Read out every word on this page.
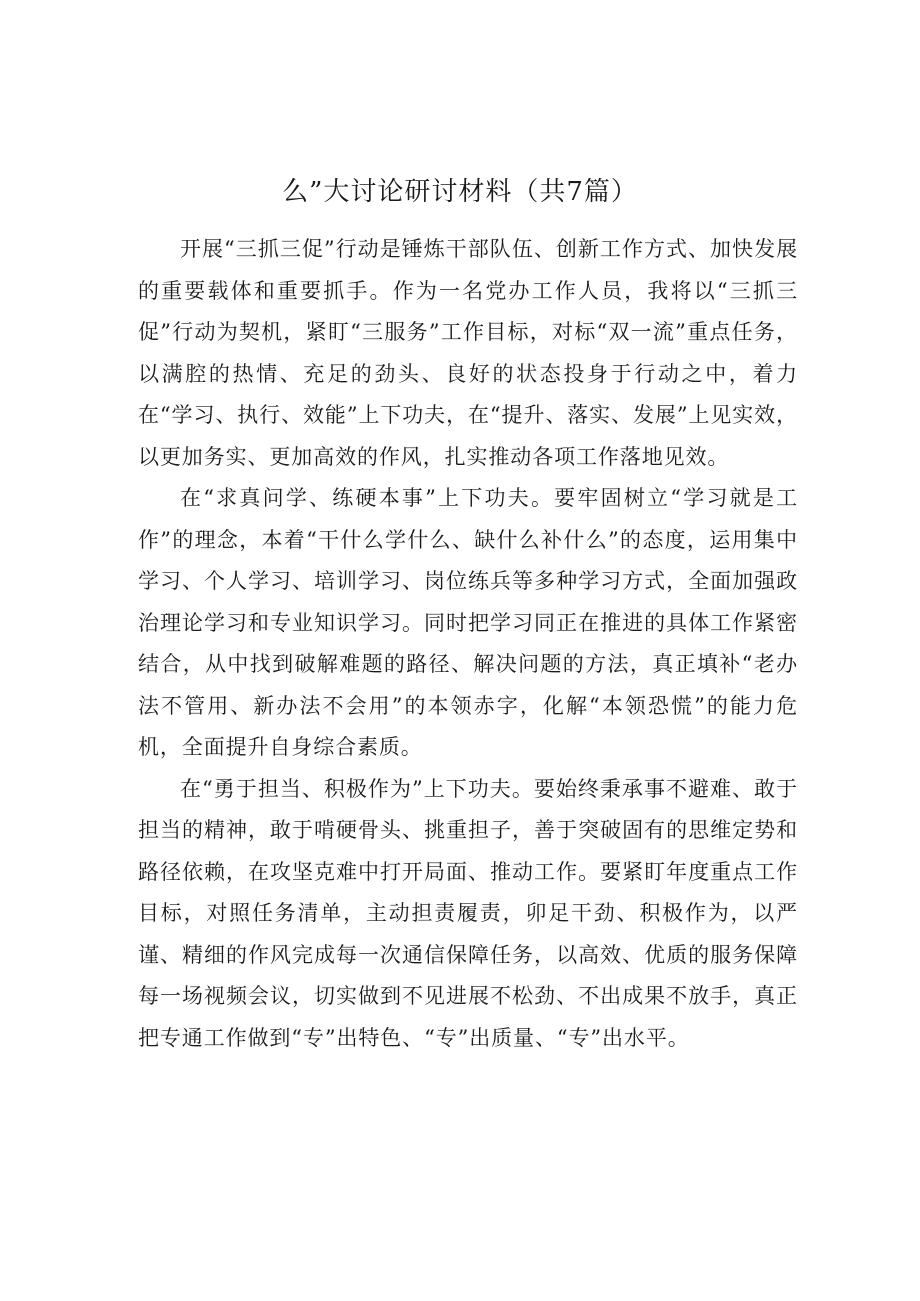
么”大讨论研讨材料（共7篇）

开展“三抓三促”行动是锤炼干部队伍、创新工作方式、加快发展的重要载体和重要抓手。作为一名党办工作人员，我将以“三抓三促”行动为契机，紧盯“三服务”工作目标，对标“双一流”重点任务，以满腔的热情、充足的劲头、良好的状态投身于行动之中，着力在“学习、执行、效能”上下功夫，在“提升、落实、发展”上见实效，以更加务实、更加高效的作风，扎实推动各项工作落地见效。

在“求真问学、练硬本事”上下功夫。要牢固树立“学习就是工作”的理念，本着“干什么学什么、缺什么补什么”的态度，运用集中学习、个人学习、培训学习、岗位练兵等多种学习方式，全面加强政治理论学习和专业知识学习。同时把学习同正在推进的具体工作紧密结合，从中找到破解难题的路径、解决问题的方法，真正填补“老办法不管用、新办法不会用”的本领赤字，化解“本领恐慌”的能力危机，全面提升自身综合素质。

在“勇于担当、积极作为”上下功夫。要始终秉承事不避难、敢于担当的精神，敢于啃硬骨头、挑重担子，善于突破固有的思维定势和路径依赖，在攻坚克难中打开局面、推动工作。要紧盯年度重点工作目标，对照任务清单，主动担责履责，卯足干劲、积极作为，以严谨、精细的作风完成每一次通信保障任务，以高效、优质的服务保障每一场视频会议，切实做到不见进展不松劲、不出成果不放手，真正把专通工作做到“专”出特色、“专”出质量、“专”出水平。
